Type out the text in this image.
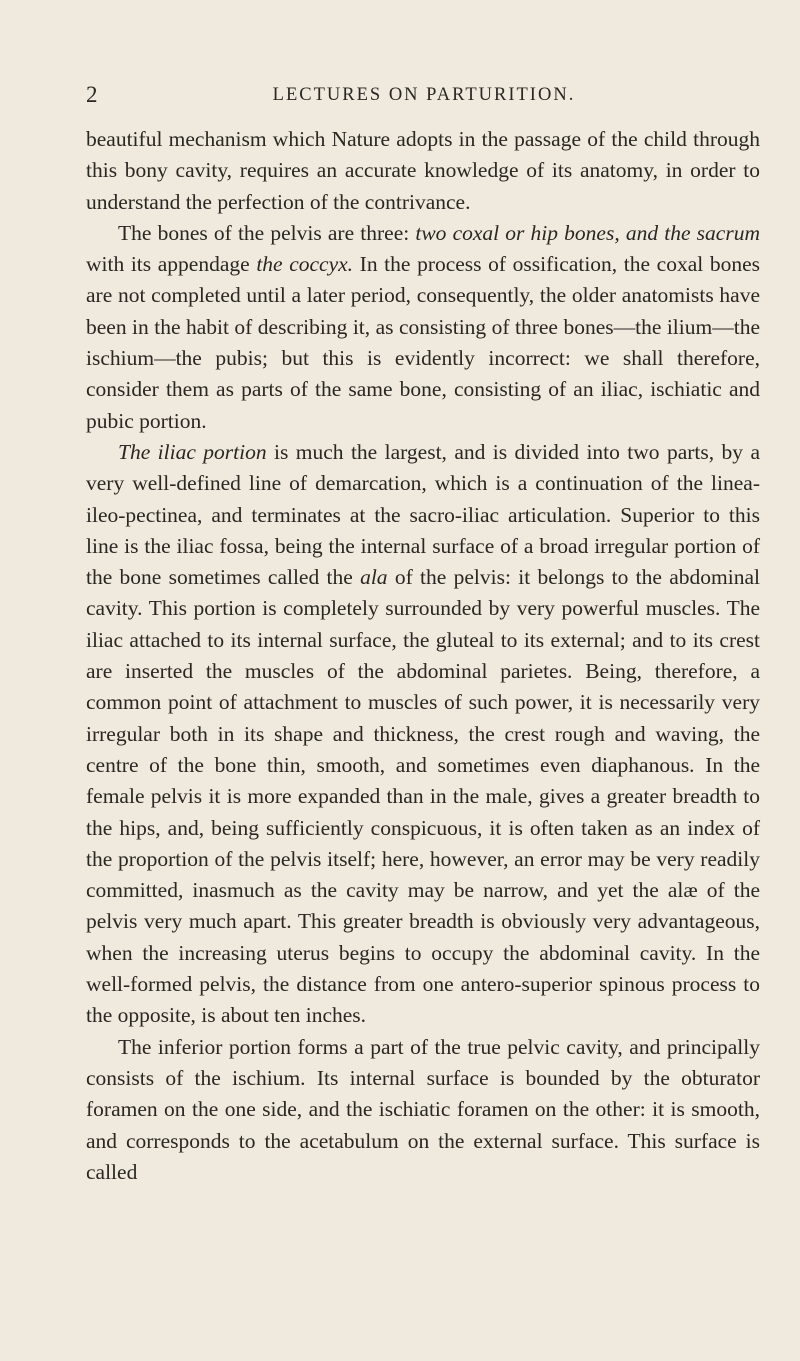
2	LECTURES ON PARTURITION.

beautiful mechanism which Nature adopts in the passage of the child through this bony cavity, requires an accurate knowledge of its anatomy, in order to understand the perfection of the contrivance.

The bones of the pelvis are three: two coxal or hip bones, and the sacrum with its appendage the coccyx. In the process of ossification, the coxal bones are not completed until a later period, consequently, the older anatomists have been in the habit of describing it, as consisting of three bones—the ilium—the ischium—the pubis; but this is evidently incorrect: we shall therefore, consider them as parts of the same bone, consisting of an iliac, ischiatic and pubic portion.

The iliac portion is much the largest, and is divided into two parts, by a very well-defined line of demarcation, which is a continuation of the linea-ileo-pectinea, and terminates at the sacro-iliac articulation. Superior to this line is the iliac fossa, being the internal surface of a broad irregular portion of the bone sometimes called the ala of the pelvis: it belongs to the abdominal cavity. This portion is completely surrounded by very powerful muscles. The iliac attached to its internal surface, the gluteal to its external; and to its crest are inserted the muscles of the abdominal parietes. Being, therefore, a common point of attachment to muscles of such power, it is necessarily very irregular both in its shape and thickness, the crest rough and waving, the centre of the bone thin, smooth, and sometimes even diaphanous. In the female pelvis it is more expanded than in the male, gives a greater breadth to the hips, and, being sufficiently conspicuous, it is often taken as an index of the proportion of the pelvis itself; here, however, an error may be very readily committed, inasmuch as the cavity may be narrow, and yet the alæ of the pelvis very much apart. This greater breadth is obviously very advantageous, when the increasing uterus begins to occupy the abdominal cavity. In the well-formed pelvis, the distance from one antero-superior spinous process to the opposite, is about ten inches.

The inferior portion forms a part of the true pelvic cavity, and principally consists of the ischium. Its internal surface is bounded by the obturator foramen on the one side, and the ischiatic foramen on the other: it is smooth, and corresponds to the acetabulum on the external surface. This surface is called
